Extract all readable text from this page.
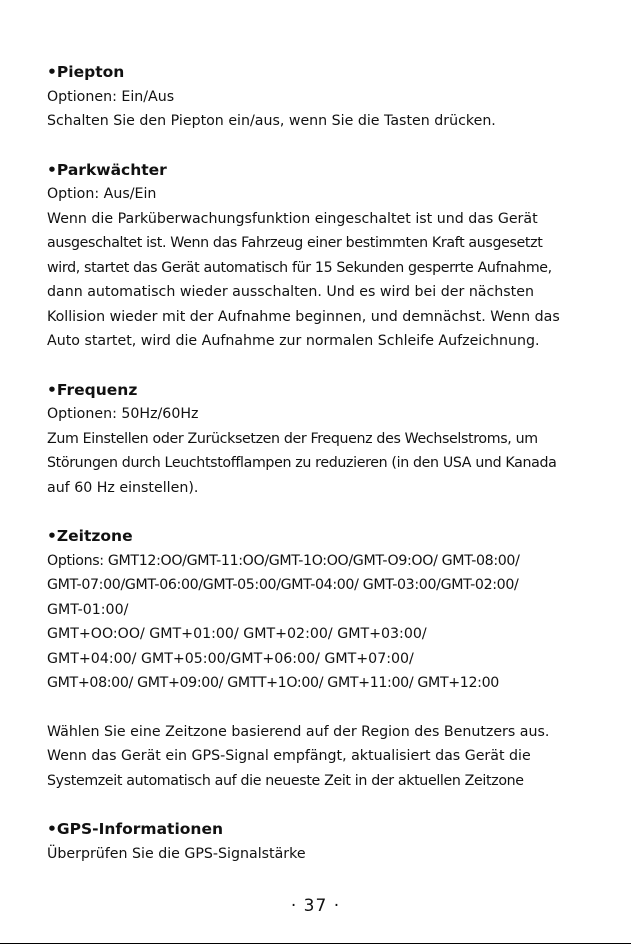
•Piepton

Optionen: Ein/Aus

Schalten Sie den Piepton ein/aus, wenn Sie die Tasten drücken.

•Parkwächter

Option: Aus/Ein

Wenn die Parküberwachungsfunktion eingeschaltet ist und das Gerät

ausgeschaltet ist. Wenn das Fahrzeug einer bestimmten Kraft ausgesetzt

wird, startet das Gerät automatisch für 15 Sekunden gesperrte Aufnahme,

dann automatisch wieder ausschalten. Und es wird bei der nächsten

Kollision wieder mit der Aufnahme beginnen, und demnächst. Wenn das

Auto startet, wird die Aufnahme zur normalen Schleife Aufzeichnung.

•Frequenz

Optionen: 50Hz/60Hz

Zum Einstellen oder Zurücksetzen der Frequenz des Wechselstroms, um

Störungen durch Leuchtstofflampen zu reduzieren (in den USA und Kanada

auf 60 Hz einstellen).

•Zeitzone

Options: GMT12:OO/GMT-11:OO/GMT-1O:OO/GMT-O9:OO/ GMT-08:00/

GMT-07:00/GMT-06:00/GMT-05:00/GMT-04:00/ GMT-03:00/GMT-02:00/

GMT-01:00/

GMT+OO:OO/ GMT+01:00/ GMT+02:00/ GMT+03:00/

GMT+04:00/ GMT+05:00/GMT+06:00/ GMT+07:00/

GMT+08:00/ GMT+09:00/ GMTT+1O:00/ GMT+11:00/ GMT+12:00

Wählen Sie eine Zeitzone basierend auf der Region des Benutzers aus.

Wenn das Gerät ein GPS-Signal empfängt, aktualisiert das Gerät die

Systemzeit automatisch auf die neueste Zeit in der aktuellen Zeitzone

•GPS-Informationen

Überprüfen Sie die GPS-Signalstärke

· 37 ·
